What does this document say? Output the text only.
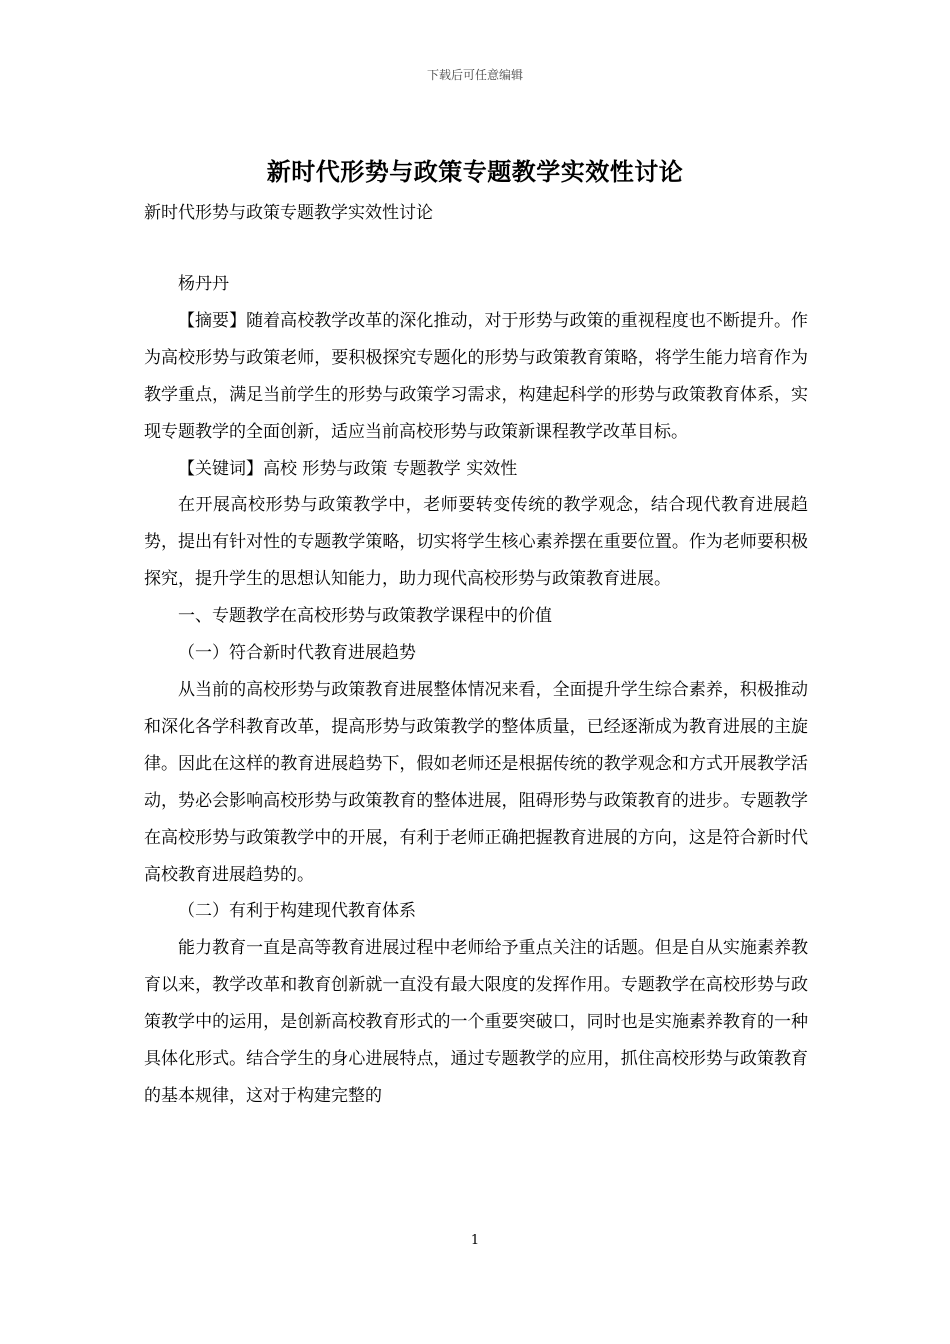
下载后可任意编辑
新时代形势与政策专题教学实效性讨论

新时代形势与政策专题教学实效性讨论

杨丹丹

【摘要】随着高校教学改革的深化推动，对于形势与政策的重视程度也不断提升。作为高校形势与政策老师，要积极探究专题化的形势与政策教育策略，将学生能力培育作为教学重点，满足当前学生的形势与政策学习需求，构建起科学的形势与政策教育体系，实现专题教学的全面创新，适应当前高校形势与政策新课程教学改革目标。

【关键词】高校 形势与政策 专题教学 实效性

在开展高校形势与政策教学中，老师要转变传统的教学观念，结合现代教育进展趋势，提出有针对性的专题教学策略，切实将学生核心素养摆在重要位置。作为老师要积极探究，提升学生的思想认知能力，助力现代高校形势与政策教育进展。

一、专题教学在高校形势与政策教学课程中的价值

（一）符合新时代教育进展趋势

从当前的高校形势与政策教育进展整体情况来看，全面提升学生综合素养，积极推动和深化各学科教育改革，提高形势与政策教学的整体质量，已经逐渐成为教育进展的主旋律。因此在这样的教育进展趋势下，假如老师还是根据传统的教学观念和方式开展教学活动，势必会影响高校形势与政策教育的整体进展，阻碍形势与政策教育的进步。专题教学在高校形势与政策教学中的开展，有利于老师正确把握教育进展的方向，这是符合新时代高校教育进展趋势的。

（二）有利于构建现代教育体系

能力教育一直是高等教育进展过程中老师给予重点关注的话题。但是自从实施素养教育以来，教学改革和教育创新就一直没有最大限度的发挥作用。专题教学在高校形势与政策教学中的运用，是创新高校教育形式的一个重要突破口，同时也是实施素养教育的一种具体化形式。结合学生的身心进展特点，通过专题教学的应用，抓住高校形势与政策教育的基本规律，这对于构建完整的

1
